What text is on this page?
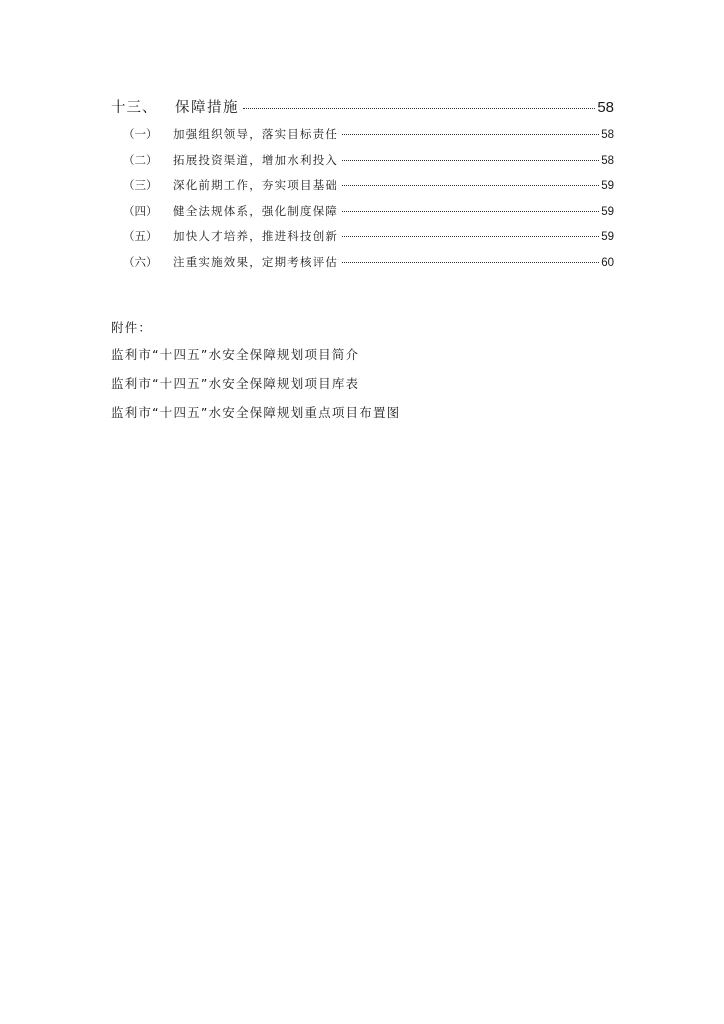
十三、	保障措施	58
（一）	加强组织领导，落实目标责任	58
（二）	拓展投资渠道，增加水利投入	58
（三）	深化前期工作，夯实项目基础	59
（四）	健全法规体系，强化制度保障	59
（五）	加快人才培养，推进科技创新	59
（六）	注重实施效果，定期考核评估	60
附件：
监利市“十四五”水安全保障规划项目简介
监利市“十四五”水安全保障规划项目库表
监利市“十四五”水安全保障规划重点项目布置图
